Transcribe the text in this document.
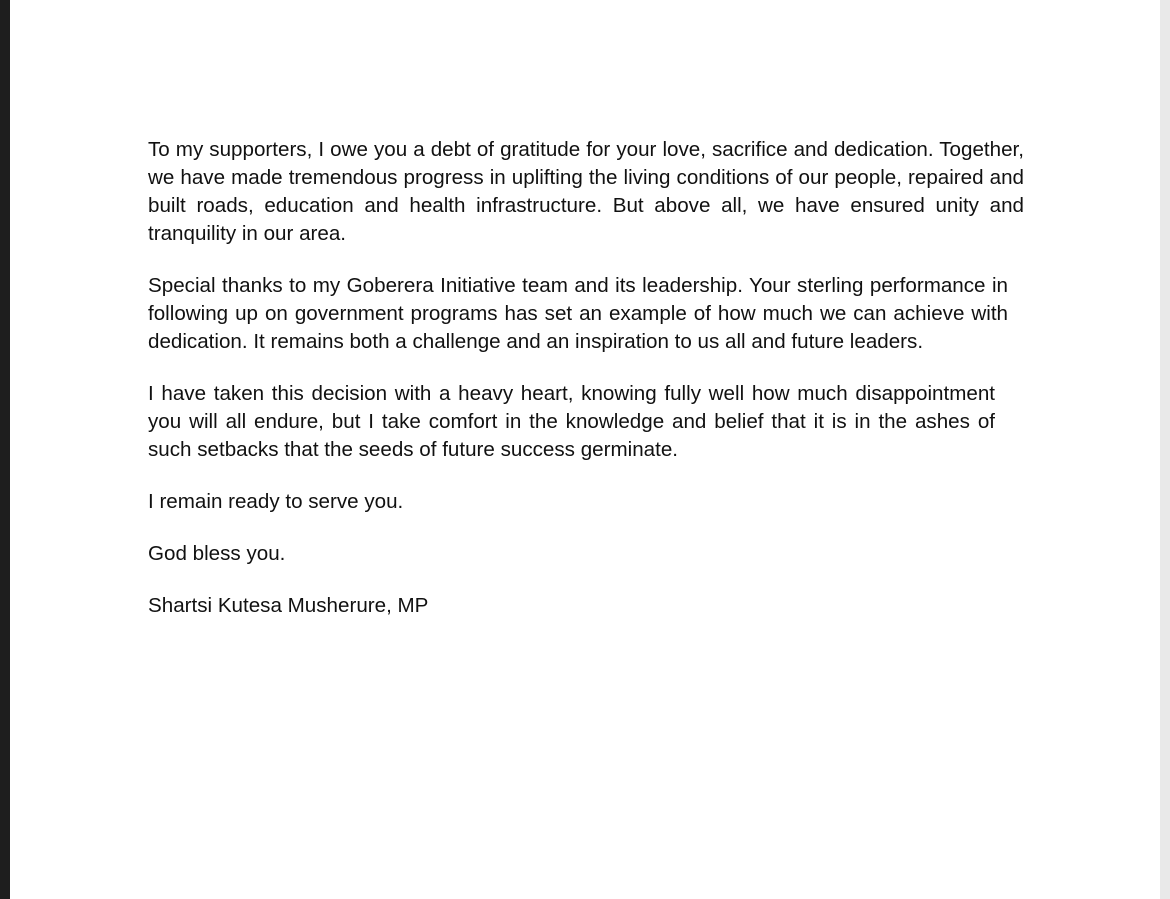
To my supporters, I owe you a debt of gratitude for your love, sacrifice and dedication. Together, we have made tremendous progress in uplifting the living conditions of our people, repaired and built roads, education and health infrastructure. But above all, we have ensured unity and tranquility in our area.

Special thanks to my Goberera Initiative team and its leadership. Your sterling performance in following up on government programs has set an example of how much we can achieve with dedication. It remains both a challenge and an inspiration to us all and future leaders.

I have taken this decision with a heavy heart, knowing fully well how much disappointment you will all endure, but I take comfort in the knowledge and belief that it is in the ashes of such setbacks that the seeds of future success germinate.

I remain ready to serve you.

God bless you.

Shartsi Kutesa Musherure, MP
